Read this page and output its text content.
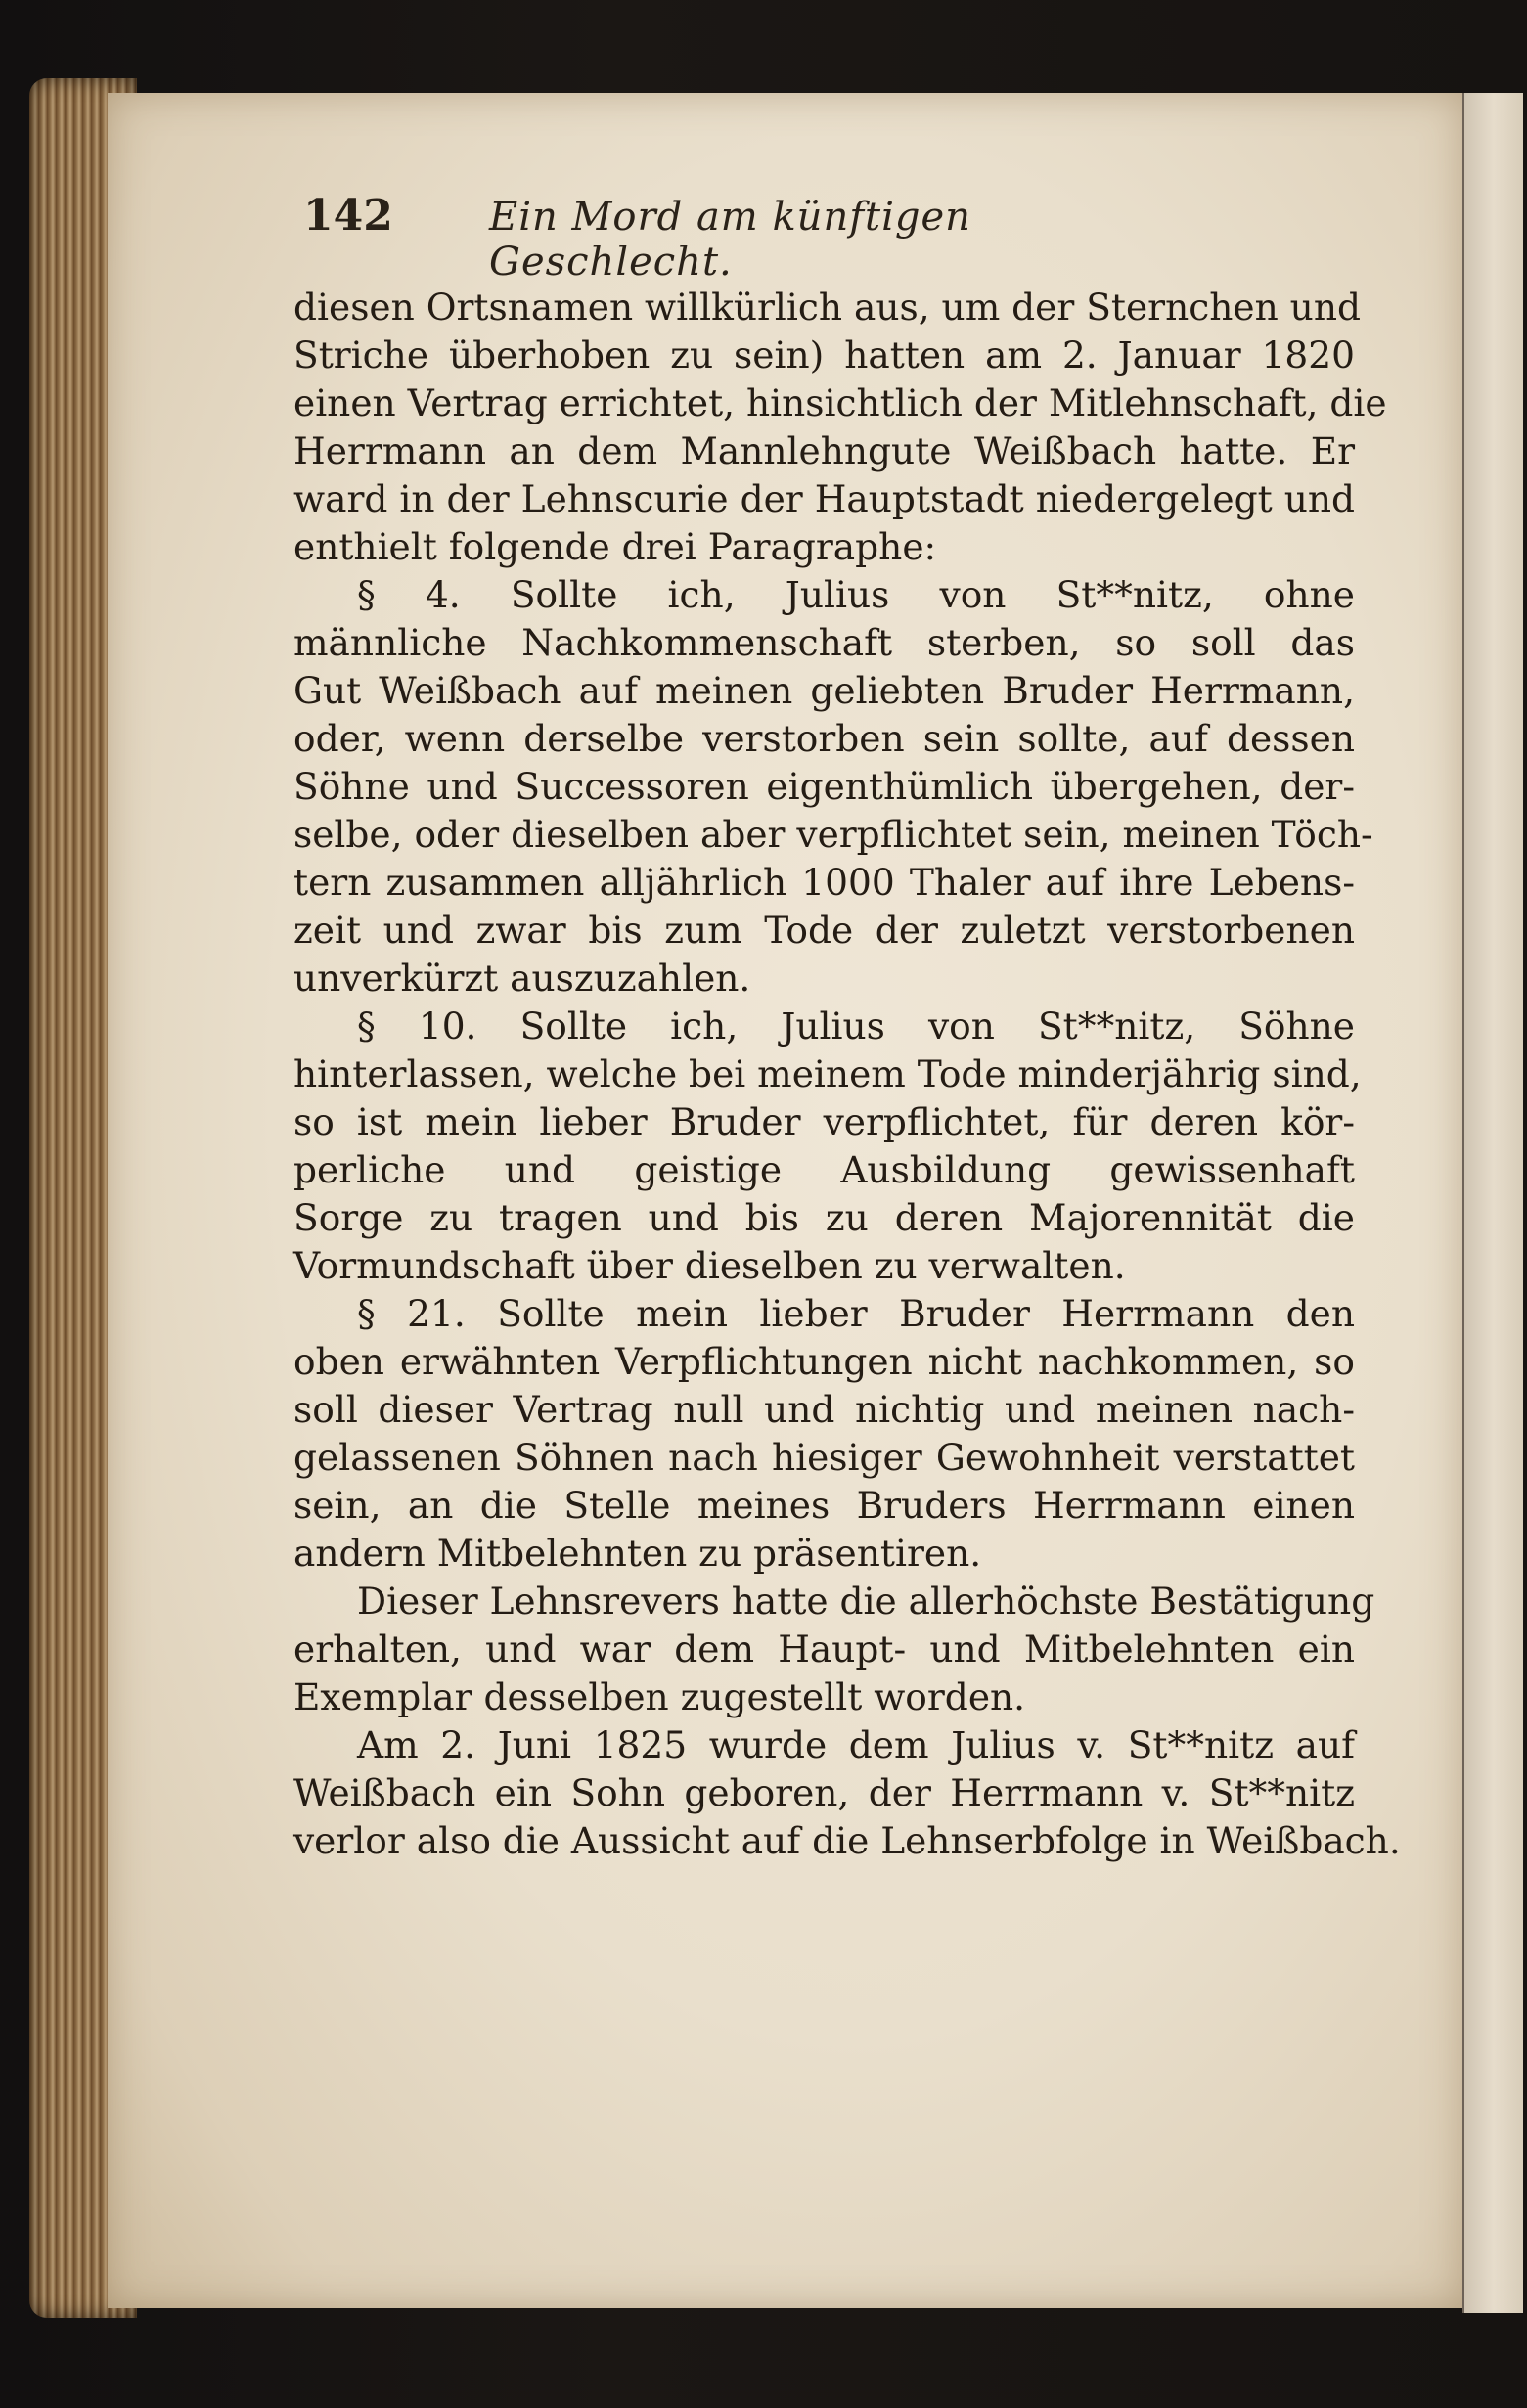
142 Ein Mord am künftigen Geschlecht.
diesen Ortsnamen willkürlich aus, um der Sternchen und
Striche überhoben zu sein) hatten am 2. Januar 1820
einen Vertrag errichtet, hinsichtlich der Mitlehnschaft, die
Herrmann an dem Mannlehngute Weißbach hatte. Er
ward in der Lehnscurie der Hauptstadt niedergelegt und
enthielt folgende drei Paragraphe:
§ 4. Sollte ich, Julius von St**nitz, ohne
männliche Nachkommenschaft sterben, so soll das
Gut Weißbach auf meinen geliebten Bruder Herrmann,
oder, wenn derselbe verstorben sein sollte, auf dessen
Söhne und Successoren eigenthümlich übergehen, der-
selbe, oder dieselben aber verpflichtet sein, meinen Töch-
tern zusammen alljährlich 1000 Thaler auf ihre Lebens-
zeit und zwar bis zum Tode der zuletzt verstorbenen
unverkürzt auszuzahlen.
§ 10. Sollte ich, Julius von St**nitz, Söhne
hinterlassen, welche bei meinem Tode minderjährig sind,
so ist mein lieber Bruder verpflichtet, für deren kör-
perliche und geistige Ausbildung gewissenhaft
Sorge zu tragen und bis zu deren Majorennität die
Vormundschaft über dieselben zu verwalten.
§ 21. Sollte mein lieber Bruder Herrmann den
oben erwähnten Verpflichtungen nicht nachkommen, so
soll dieser Vertrag null und nichtig und meinen nach-
gelassenen Söhnen nach hiesiger Gewohnheit verstattet
sein, an die Stelle meines Bruders Herrmann einen
andern Mitbelehnten zu präsentiren.
Dieser Lehnsrevers hatte die allerhöchste Bestätigung
erhalten, und war dem Haupt- und Mitbelehnten ein
Exemplar desselben zugestellt worden.
Am 2. Juni 1825 wurde dem Julius v. St**nitz auf
Weißbach ein Sohn geboren, der Herrmann v. St**nitz
verlor also die Aussicht auf die Lehnserbfolge in Weißbach.
